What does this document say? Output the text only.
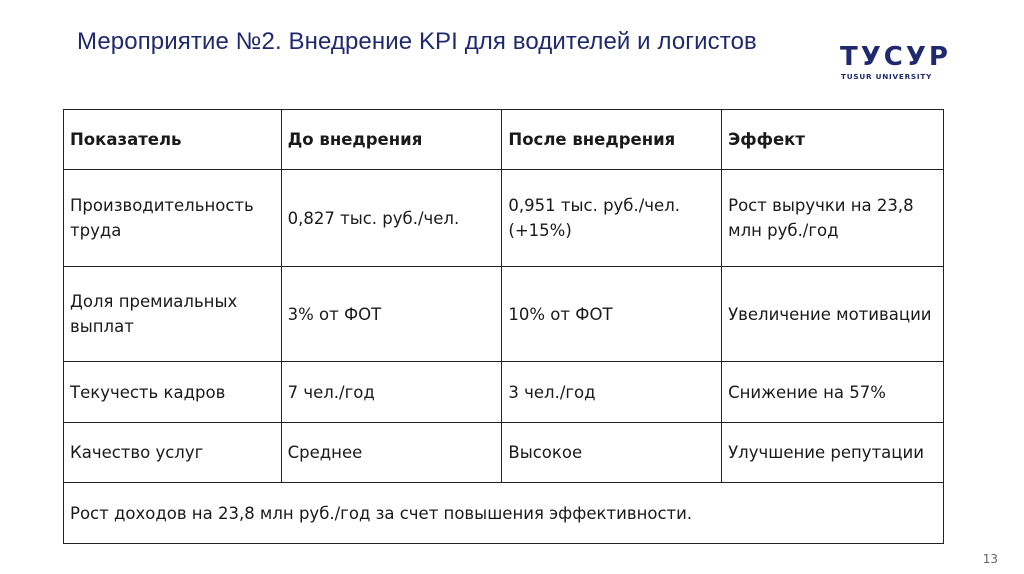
Мероприятие №2. Внедрение KPI для водителей и логистов
ТУСУР
TUSUR UNIVERSITY
Показатель	До внедрения	После внедрения	Эффект
Производительность труда	0,827 тыс. руб./чел.	0,951 тыс. руб./чел. (+15%)	Рост выручки на 23,8 млн руб./год
Доля премиальных выплат	3% от ФОТ	10% от ФОТ	Увеличение мотивации
Текучесть кадров	7 чел./год	3 чел./год	Снижение на 57%
Качество услуг	Среднее	Высокое	Улучшение репутации
Рост доходов на 23,8 млн руб./год за счет повышения эффективности.			
13
